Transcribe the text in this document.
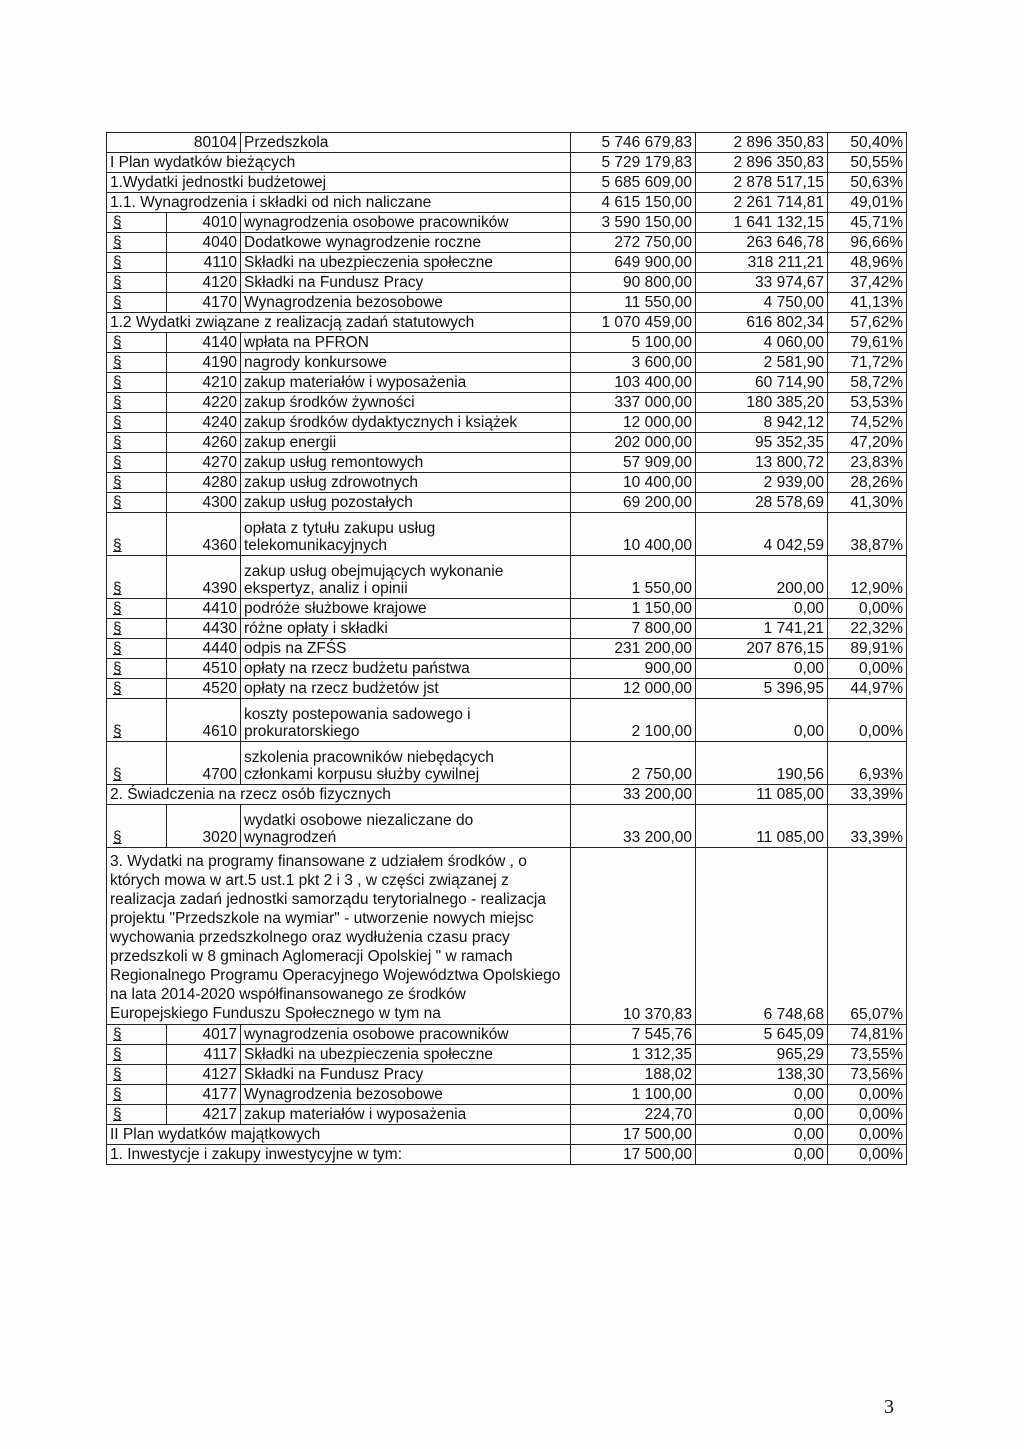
80104		Przedszkola	5 746 679,83	2 896 350,83	50,40%
I Plan wydatków bieżących			5 729 179,83	2 896 350,83	50,55%
1.Wydatki jednostki budżetowej			5 685 609,00	2 878 517,15	50,63%
1.1. Wynagrodzenia i składki od nich naliczane			4 615 150,00	2 261 714,81	49,01%
§	4010	wynagrodzenia osobowe pracowników	3 590 150,00	1 641 132,15	45,71%
§	4040	Dodatkowe wynagrodzenie roczne	272 750,00	263 646,78	96,66%
§	4110	Składki na ubezpieczenia społeczne	649 900,00	318 211,21	48,96%
§	4120	Składki na Fundusz Pracy	90 800,00	33 974,67	37,42%
§	4170	Wynagrodzenia bezosobowe	11 550,00	4 750,00	41,13%
1.2 Wydatki związane z realizacją zadań statutowych			1 070 459,00	616 802,34	57,62%
§	4140	wpłata na PFRON	5 100,00	4 060,00	79,61%
§	4190	nagrody konkursowe	3 600,00	2 581,90	71,72%
§	4210	zakup materiałów i wyposażenia	103 400,00	60 714,90	58,72%
§	4220	zakup środków żywności	337 000,00	180 385,20	53,53%
§	4240	zakup środków dydaktycznych i książek	12 000,00	8 942,12	74,52%
§	4260	zakup energii	202 000,00	95 352,35	47,20%
§	4270	zakup usług remontowych	57 909,00	13 800,72	23,83%
§	4280	zakup usług zdrowotnych	10 400,00	2 939,00	28,26%
§	4300	zakup usług pozostałych	69 200,00	28 578,69	41,30%
§	4360	opłata z tytułu zakupu usług telekomunikacyjnych	10 400,00	4 042,59	38,87%
§	4390	zakup usług obejmujących wykonanie ekspertyz, analiz i opinii	1 550,00	200,00	12,90%
§	4410	podróże służbowe krajowe	1 150,00	0,00	0,00%
§	4430	różne opłaty i składki	7 800,00	1 741,21	22,32%
§	4440	odpis na ZFŚS	231 200,00	207 876,15	89,91%
§	4510	opłaty na rzecz budżetu państwa	900,00	0,00	0,00%
§	4520	opłaty na rzecz budżetów jst	12 000,00	5 396,95	44,97%
§	4610	koszty postepowania sadowego i prokuratorskiego	2 100,00	0,00	0,00%
§	4700	szkolenia pracowników niebędących członkami korpusu służby cywilnej	2 750,00	190,56	6,93%
2. Świadczenia na rzecz osób fizycznych			33 200,00	11 085,00	33,39%
§	3020	wydatki osobowe niezaliczane do wynagrodzeń	33 200,00	11 085,00	33,39%
3. Wydatki na programy finansowane z udziałem środków , o których mowa w art.5 ust.1 pkt 2 i 3 , w części związanej z realizacja zadań jednostki samorządu terytorialnego - realizacja projektu "Przedszkole na wymiar" - utworzenie nowych miejsc wychowania przedszkolnego oraz wydłużenia czasu pracy przedszkoli w 8 gminach Aglomeracji Opolskiej " w ramach Regionalnego Programu Operacyjnego Województwa Opolskiego na lata 2014-2020 współfinansowanego ze środków Europejskiego Funduszu Społecznego w tym na			10 370,83	6 748,68	65,07%
§	4017	wynagrodzenia osobowe pracowników	7 545,76	5 645,09	74,81%
§	4117	Składki na ubezpieczenia społeczne	1 312,35	965,29	73,55%
§	4127	Składki na Fundusz Pracy	188,02	138,30	73,56%
§	4177	Wynagrodzenia bezosobowe	1 100,00	0,00	0,00%
§	4217	zakup materiałów i wyposażenia	224,70	0,00	0,00%
II Plan wydatków majątkowych			17 500,00	0,00	0,00%
1. Inwestycje i zakupy inwestycyjne w tym:			17 500,00	0,00	0,00%
3
